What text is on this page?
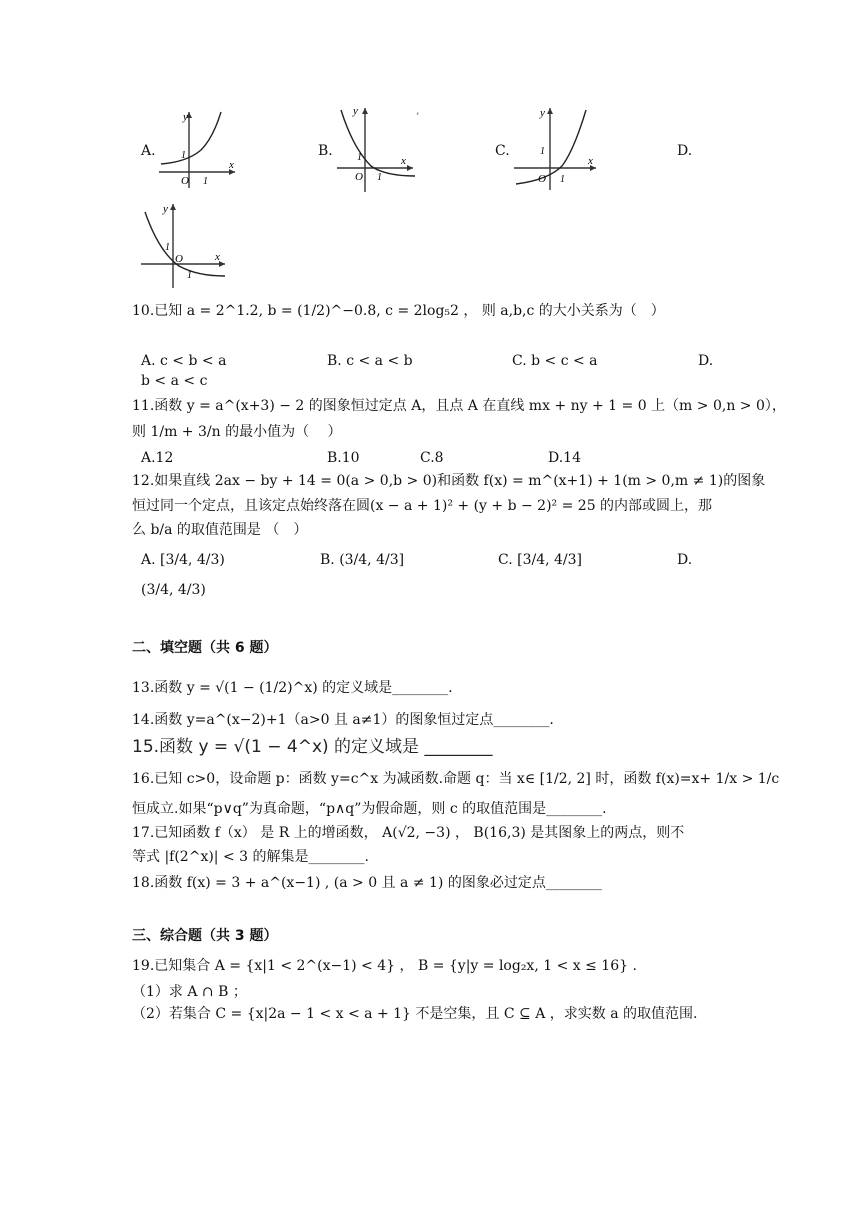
A.
y
x
O
1
1
B.
y
x
O
1
1
’
C.
y
x
O
1
1
D.
y
x
O
1
1
10.已知 a = 2^1.2, b = (1/2)^−0.8, c = 2log₅2 ， 则 a,b,c 的大小关系为（　）
A. c < b < a	B. c < a < b	C. b < c < a	D.
b < a < c
11.函数 y = a^(x+3) − 2 的图象恒过定点 A，且点 A 在直线 mx + ny + 1 = 0 上（m > 0,n > 0），
则 1/m + 3/n 的最小值为（　 ）
A.12	B.10	C.8	D.14
12.如果直线 2ax − by + 14 = 0(a > 0,b > 0)和函数 f(x) = m^(x+1) + 1(m > 0,m ≠ 1)的图象
恒过同一个定点，且该定点始终落在圆(x − a + 1)² + (y + b − 2)² = 25 的内部或圆上，那
么 b/a 的取值范围是 （　）
A. [3/4, 4/3)	B. (3/4, 4/3]	C. [3/4, 4/3]	D.
(3/4, 4/3)
二、填空题（共 6 题）
13.函数 y = √(1 − (1/2)^x) 的定义域是________.
14.函数 y=a^(x−2)+1（a>0 且 a≠1）的图象恒过定点________.
15.函数 y = √(1 − 4^x) 的定义域是 ________
16.已知 c>0，设命题 p：函数 y=c^x 为减函数.命题 q：当 x∈ [1/2, 2] 时，函数 f(x)=x+ 1/x > 1/c
恒成立.如果“p∨q”为真命题，“p∧q”为假命题，则 c 的取值范围是________.
17.已知函数 f（x） 是 R 上的增函数， A(√2, −3) ， B(16,3) 是其图象上的两点，则不
等式 |f(2^x)| < 3 的解集是________.
18.函数 f(x) = 3 + a^(x−1) , (a > 0 且 a ≠ 1) 的图象必过定点________
三、综合题（共 3 题）
19.已知集合 A = {x|1 < 2^(x−1) < 4} ， B = {y|y = log₂x, 1 < x ≤ 16} .
（1）求 A ∩ B ；
（2）若集合 C = {x|2a − 1 < x < a + 1} 不是空集，且 C ⊆ A ，求实数 a 的取值范围.
